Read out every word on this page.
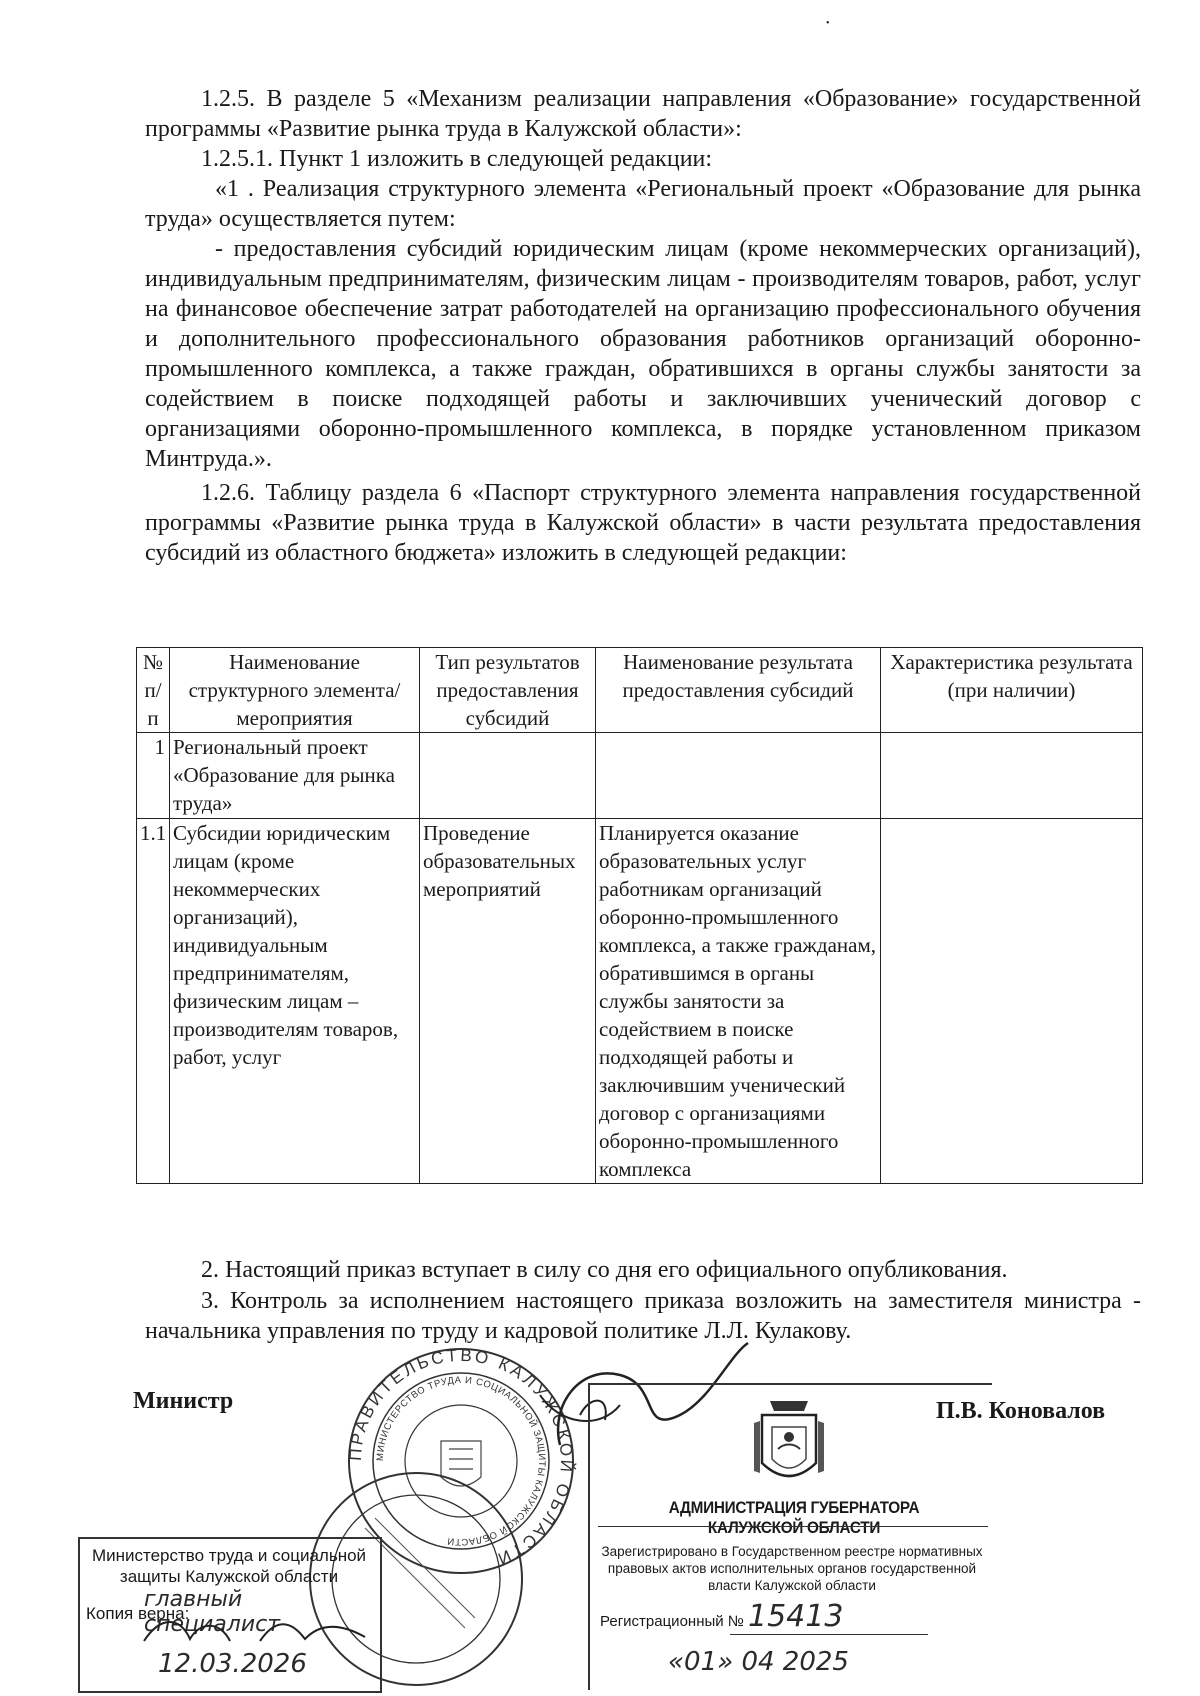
•

1.2.5. В разделе 5 «Механизм реализации направления «Образование» государственной программы «Развитие рынка труда в Калужской области»:

1.2.5.1. Пункт 1 изложить в следующей редакции:

«1 . Реализация структурного элемента «Региональный проект «Образование для рынка труда» осуществляется путем:

- предоставления субсидий юридическим лицам (кроме некоммерческих организаций), индивидуальным предпринимателям, физическим лицам - производителям товаров, работ, услуг на финансовое обеспечение затрат работодателей на организацию профессионального обучения и дополнительного профессионального образования работников организаций оборонно-промышленного комплекса, а также граждан, обратившихся в органы службы занятости за содействием в поиске подходящей работы и заключивших ученический договор с организациями оборонно-промышленного комплекса, в порядке установленном приказом Минтруда.».

1.2.6. Таблицу раздела 6 «Паспорт структурного элемента направления государственной программы «Развитие рынка труда в Калужской области» в части результата предоставления субсидий из областного бюджета» изложить в следующей редакции:

№ п/п	Наименование структурного элемента/мероприятия	Тип результатов предоставления субсидий	Наименование результата предоставления субсидий	Характеристика результата (при наличии)
1	Региональный проект «Образование для рынка труда»			
1.1	Субсидии юридическим лицам (кроме некоммерческих организаций), индивидуальным предпринимателям, физическим лицам – производителям товаров, работ, услуг	Проведение образовательных мероприятий	Планируется оказание образовательных услуг работникам организаций оборонно-промышленного комплекса, а также гражданам, обратившимся в органы службы занятости за содействием в поиске подходящей работы и заключившим ученический договор с организациями оборонно-промышленного комплекса	

2. Настоящий приказ вступает в силу со дня его официального опубликования.

3. Контроль за исполнением настоящего приказа возложить на заместителя министра - начальника управления по труду и кадровой политике Л.Л. Кулакову.

Министр	П.В. Коновалов
ПРАВИТЕЛЬСТВО КАЛУЖСКОЙ ОБЛАСТИ
МИНИСТЕРСТВО ТРУДА И СОЦИАЛЬНОЙ ЗАЩИТЫ КАЛУЖСКОЙ ОБЛАСТИ
АДМИНИСТРАЦИЯ ГУБЕРНАТОРА КАЛУЖСКОЙ ОБЛАСТИ
Зарегистрировано в Государственном реестре нормативных правовых актов исполнительных органов государственной власти Калужской области
Регистрационный № 15413
«01» 04 2025
Министерство труда и социальной защиты Калужской области
Копия верна:
главный специалист
12.03.2026
